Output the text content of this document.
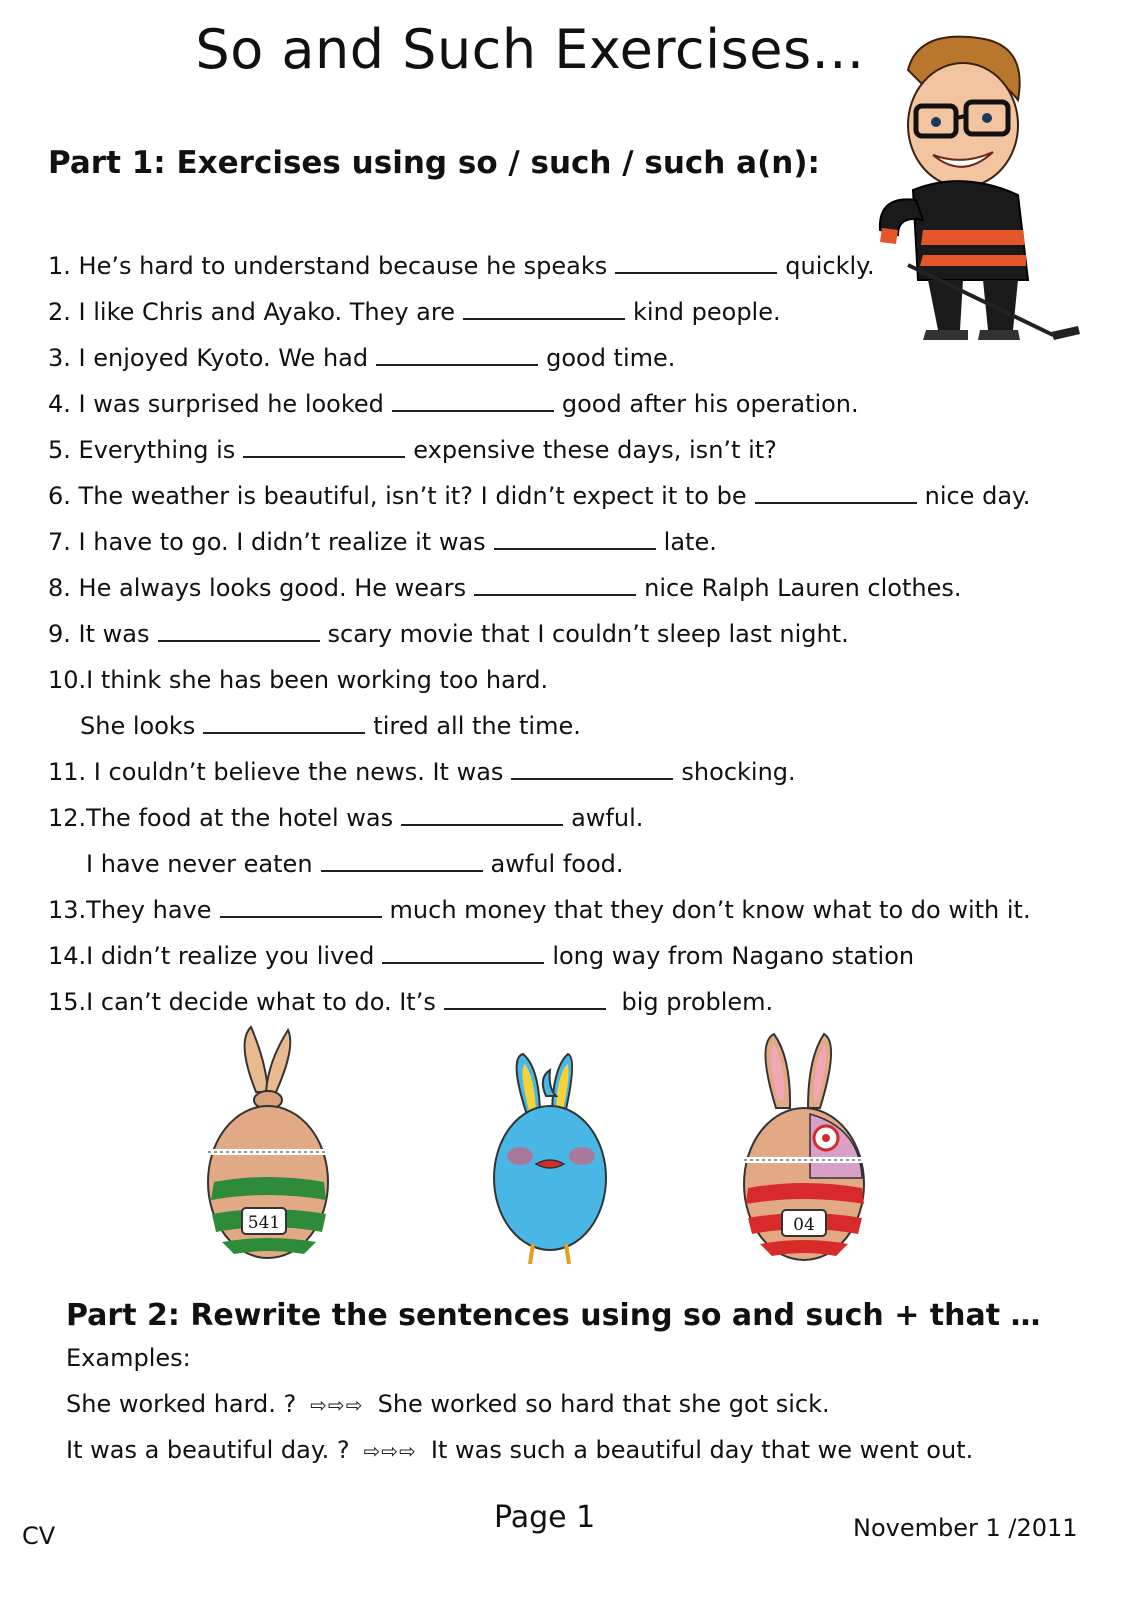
So and Such Exercises...
Part 1: Exercises using so / such / such a(n):
1. He’s hard to understand because he speaks	quickly.
2. I like Chris and Ayako. They are	kind people.
3. I enjoyed Kyoto. We had	good time.
4. I was surprised he looked	good after his operation.
5. Everything is	expensive these days, isn’t it?
6. The weather is beautiful, isn’t it? I didn’t expect it to be	nice day.
7. I have to go. I didn’t realize it was	late.
8. He always looks good. He wears	nice Ralph Lauren clothes.
9. It was	scary movie that I couldn’t sleep last night.
10.I think she has been working too hard.
She looks	tired all the time.
11. I couldn’t believe the news. It was	shocking.
12.The food at the hotel was	awful.
I have never eaten	awful food.
13.They have	much money that they don’t know what to do with it.
14.I didn’t realize you lived	long way from Nagano station
15.I can’t decide what to do. It’s	big problem.
541	04
Part 2: Rewrite the sentences using so and such + that …
Examples:
She worked hard. ? ⇨⇨⇨ She worked so hard that she got sick.
It was a beautiful day. ? ⇨⇨⇨ It was such a beautiful day that we went out.
CV
Page 1	November 1 /2011
